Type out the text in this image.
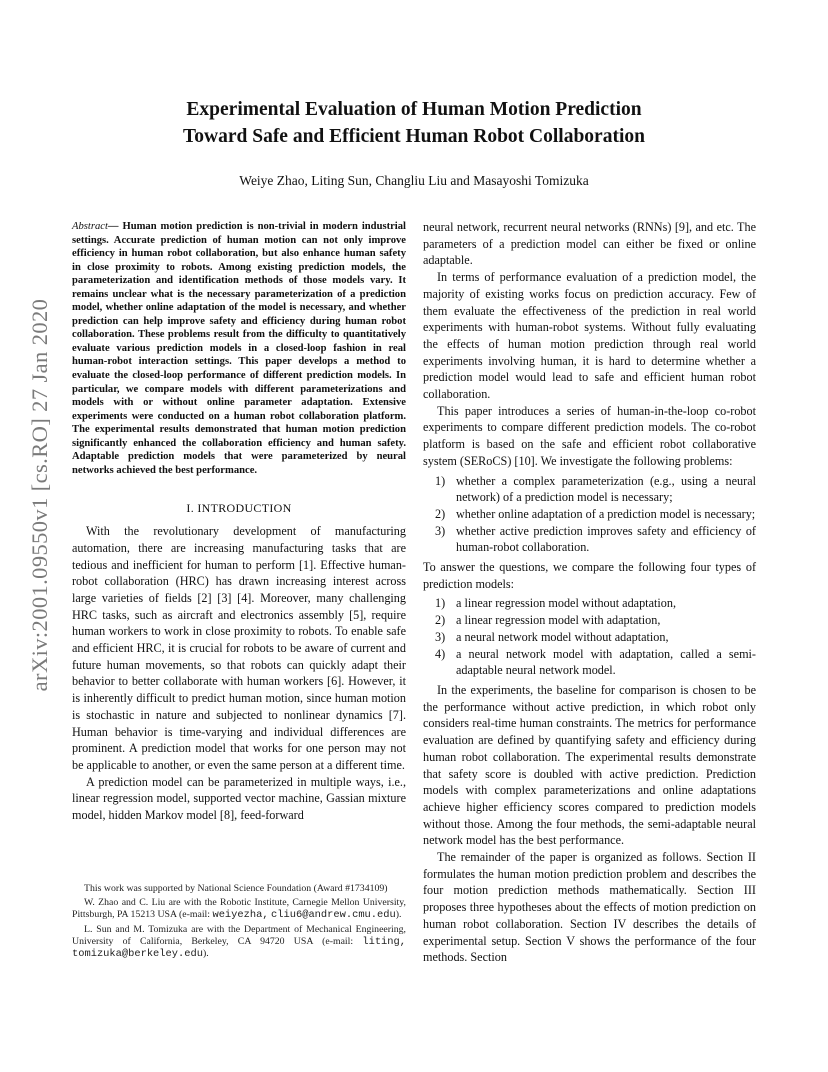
arXiv:2001.09550v1 [cs.RO] 27 Jan 2020
Experimental Evaluation of Human Motion Prediction
Toward Safe and Efficient Human Robot Collaboration
Weiye Zhao, Liting Sun, Changliu Liu and Masayoshi Tomizuka

Abstract— Human motion prediction is non-trivial in modern industrial settings. Accurate prediction of human motion can not only improve efficiency in human robot collaboration, but also enhance human safety in close proximity to robots. Among existing prediction models, the parameterization and identification methods of those models vary. It remains unclear what is the necessary parameterization of a prediction model, whether online adaptation of the model is necessary, and whether prediction can help improve safety and efficiency during human robot collaboration. These problems result from the difficulty to quantitatively evaluate various prediction models in a closed-loop fashion in real human-robot interaction settings. This paper develops a method to evaluate the closed-loop performance of different prediction models. In particular, we compare models with different parameterizations and models with or without online parameter adaptation. Extensive experiments were conducted on a human robot collaboration platform. The experimental results demonstrated that human motion prediction significantly enhanced the collaboration efficiency and human safety. Adaptable prediction models that were parameterized by neural networks achieved the best performance.

I. INTRODUCTION

With the revolutionary development of manufacturing automation, there are increasing manufacturing tasks that are tedious and inefficient for human to perform [1]. Effective human-robot collaboration (HRC) has drawn increasing interest across large varieties of fields [2] [3] [4]. Moreover, many challenging HRC tasks, such as aircraft and electronics assembly [5], require human workers to work in close proximity to robots. To enable safe and efficient HRC, it is crucial for robots to be aware of current and future human movements, so that robots can quickly adapt their behavior to better collaborate with human workers [6]. However, it is inherently difficult to predict human motion, since human motion is stochastic in nature and subjected to nonlinear dynamics [7]. Human behavior is time-varying and individual differences are prominent. A prediction model that works for one person may not be applicable to another, or even the same person at a different time.

A prediction model can be parameterized in multiple ways, i.e., linear regression model, supported vector machine, Gassian mixture model, hidden Markov model [8], feed-forward

This work was supported by National Science Foundation (Award #1734109)

W. Zhao and C. Liu are with the Robotic Institute, Carnegie Mellon University, Pittsburgh, PA 15213 USA (e-mail: weiyezha, cliu6@andrew.cmu.edu).

L. Sun and M. Tomizuka are with the Department of Mechanical Engineering, University of California, Berkeley, CA 94720 USA (e-mail: liting, tomizuka@berkeley.edu).

neural network, recurrent neural networks (RNNs) [9], and etc. The parameters of a prediction model can either be fixed or online adaptable.

In terms of performance evaluation of a prediction model, the majority of existing works focus on prediction accuracy. Few of them evaluate the effectiveness of the prediction in real world experiments with human-robot systems. Without fully evaluating the effects of human motion prediction through real world experiments involving human, it is hard to determine whether a prediction model would lead to safe and efficient human robot collaboration.

This paper introduces a series of human-in-the-loop co-robot experiments to compare different prediction models. The co-robot platform is based on the safe and efficient robot collaborative system (SERoCS) [10]. We investigate the following problems:

1) whether a complex parameterization (e.g., using a neural network) of a prediction model is necessary;
2) whether online adaptation of a prediction model is necessary;
3) whether active prediction improves safety and efficiency of human-robot collaboration.

To answer the questions, we compare the following four types of prediction models:

1) a linear regression model without adaptation,
2) a linear regression model with adaptation,
3) a neural network model without adaptation,
4) a neural network model with adaptation, called a semi-adaptable neural network model.

In the experiments, the baseline for comparison is chosen to be the performance without active prediction, in which robot only considers real-time human constraints. The metrics for performance evaluation are defined by quantifying safety and efficiency during human robot collaboration. The experimental results demonstrate that safety score is doubled with active prediction. Prediction models with complex parameterizations and online adaptations achieve higher efficiency scores compared to prediction models without those. Among the four methods, the semi-adaptable neural network model has the best performance.

The remainder of the paper is organized as follows. Section II formulates the human motion prediction problem and describes the four motion prediction methods mathematically. Section III proposes three hypotheses about the effects of motion prediction on human robot collaboration. Section IV describes the details of experimental setup. Section V shows the performance of the four methods. Section
